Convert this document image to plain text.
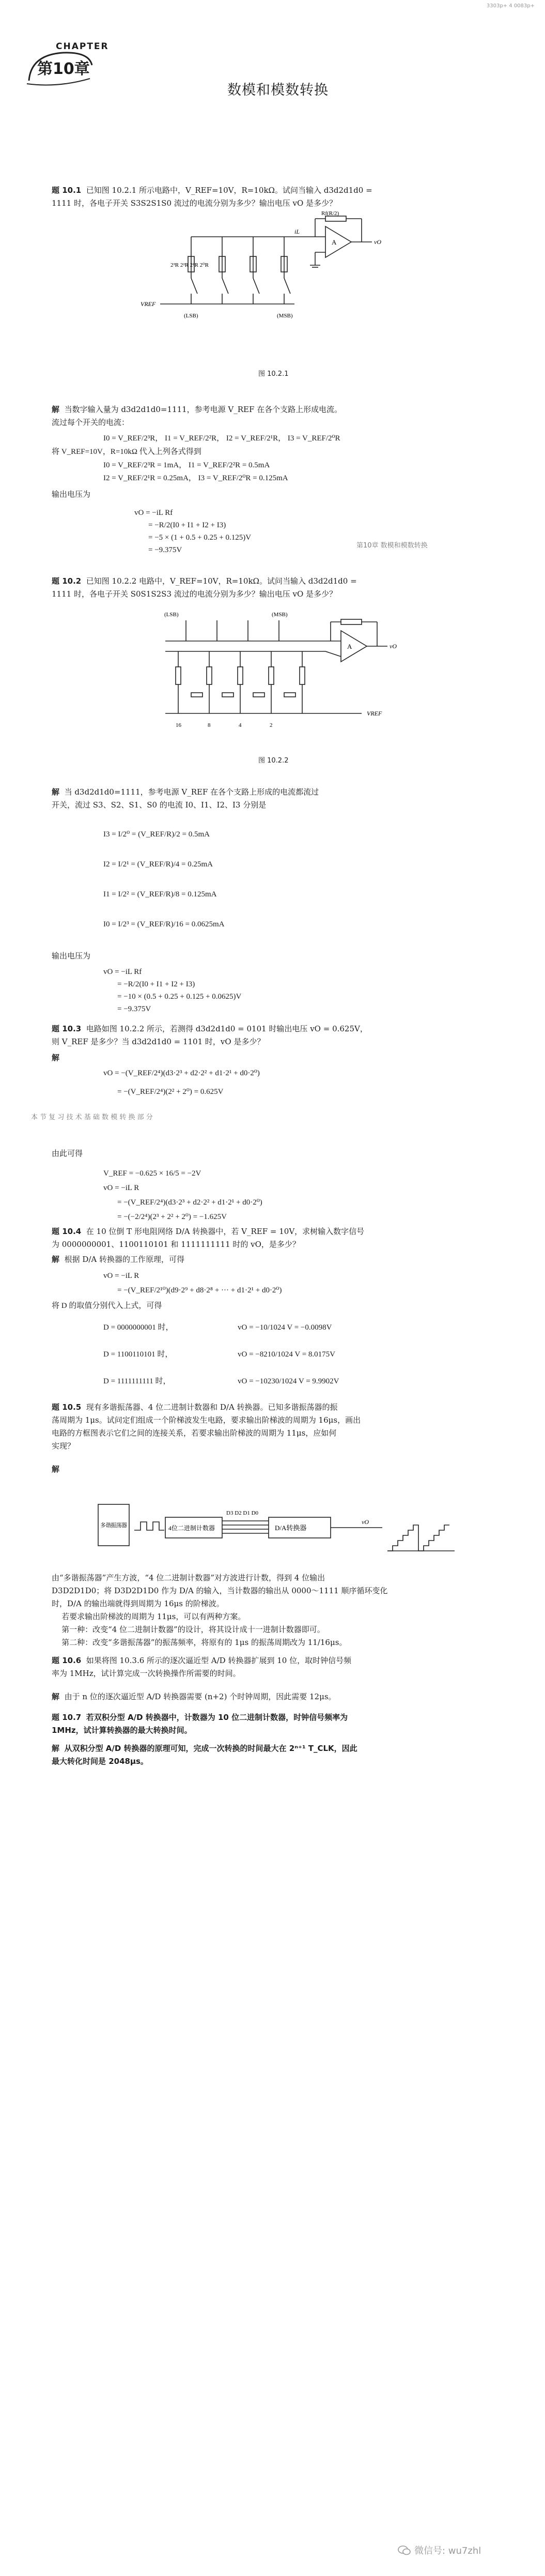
3303p+ 4 0083p+
CHAPTER
第10章
数模和模数转换
题 10.1 已知图 10.2.1 所示电路中，V_REF=10V，R=10kΩ。试问当输入 d3d2d1d0 =
1111 时，各电子开关 S3S2S1S0 流过的电流分别为多少？输出电压 vO 是多少？
Rf(R/2)
iL
A	vO
2³R 2²R 2¹R 2⁰R
VREF
(LSB)	(MSB)
图 10.2.1
解 当数字输入量为 d3d2d1d0=1111，参考电源 V_REF 在各个支路上形成电流。
流过每个开关的电流：
I0 = V_REF/2³R， I1 = V_REF/2²R， I2 = V_REF/2¹R， I3 = V_REF/2⁰R
将 V_REF=10V，R=10kΩ 代入上列各式得到
I0 = V_REF/2³R = 1mA， I1 = V_REF/2²R = 0.5mA
I2 = V_REF/2¹R = 0.25mA， I3 = V_REF/2⁰R = 0.125mA
输出电压为
vO = −iL Rf
= −R/2(I0 + I1 + I2 + I3)
= −5 × (1 + 0.5 + 0.25 + 0.125)V
= −9.375V
第10章 数模和模数转换
题 10.2 已知图 10.2.2 电路中，V_REF=10V，R=10kΩ。试问当输入 d3d2d1d0 =
1111 时，各电子开关 S0S1S2S3 流过的电流分别为多少？输出电压 vO 是多少？
(LSB)	(MSB)
A	vO
VREF
16	8	4	2
图 10.2.2
解 当 d3d2d1d0=1111，参考电源 V_REF 在各个支路上形成的电流都流过
开关，流过 S3、S2、S1、S0 的电流 I0、I1、I2、I3 分别是
I3 = I/2⁰ = (V_REF/R)/2 = 0.5mA
I2 = I/2¹ = (V_REF/R)/4 = 0.25mA
I1 = I/2² = (V_REF/R)/8 = 0.125mA
I0 = I/2³ = (V_REF/R)/16 = 0.0625mA
输出电压为
vO = −iL Rf
= −R/2(I0 + I1 + I2 + I3)
= −10 × (0.5 + 0.25 + 0.125 + 0.0625)V
= −9.375V
题 10.3 电路如图 10.2.2 所示，若测得 d3d2d1d0 = 0101 时输出电压 vO = 0.625V，
则 V_REF 是多少？当 d3d2d1d0 = 1101 时，vO 是多少？
解
vO = −(V_REF/2⁴)(d3·2³ + d2·2² + d1·2¹ + d0·2⁰)
= −(V_REF/2⁴)(2² + 2⁰) = 0.625V
本 节 复 习 技 术 基 础 数 模 转 换 部 分
由此可得
V_REF = −0.625 × 16/5 = −2V
vO = −iL R
= −(V_REF/2⁴)(d3·2³ + d2·2² + d1·2¹ + d0·2⁰)
= −(−2/2⁴)(2³ + 2² + 2⁰) = −1.625V
题 10.4 在 10 位倒 T 形电阻网络 D/A 转换器中，若 V_REF = 10V，求树输入数字信号
为 0000000001、1100110101 和 1111111111 时的 vO，是多少？
解 根据 D/A 转换器的工作原理，可得
vO = −iL R
= −(V_REF/2¹⁰)(d9·2⁹ + d8·2⁸ + ··· + d1·2¹ + d0·2⁰)
将 D 的取值分别代入上式，可得
D = 0000000001 时，	vO = −10/1024 V = −0.0098V
D = 1100110101 时，	vO = −8210/1024 V = 8.0175V
D = 1111111111 时，	vO = −10230/1024 V = 9.9902V
题 10.5 现有多谐振荡器、4 位二进制计数器和 D/A 转换器。已知多谐振荡器的振
荡周期为 1μs。试问定们组成一个阶梯波发生电路，要求输出阶梯波的周期为 16μs，画出
电路的方框图表示它们之间的连接关系，若要求输出阶梯波的周期为 11μs，应如何
实现？
解
多谐振荡器	4位二进制计数器	D/A转换器
D3 D2 D1 D0
vO
由“多谐振荡器”产生方波，“4 位二进制计数器”对方波进行计数，得到 4 位输出
D3D2D1D0；将 D3D2D1D0 作为 D/A 的输入，当计数器的输出从 0000～1111 顺序循环变化
时，D/A 的输出端就得到周期为 16μs 的阶梯波。
若要求输出阶梯波的周期为 11μs，可以有两种方案。
第一种：改变“4 位二进制计数器”的设计，将其设计成十一进制计数器即可。
第二种：改变“多谐振荡器”的振荡频率，将原有的 1μs 的振荡周期改为 11/16μs。
题 10.6 如果将图 10.3.6 所示的逐次逼近型 A/D 转换器扩展到 10 位，取时钟信号频
率为 1MHz，试计算完成一次转换操作所需要的时间。
解 由于 n 位的逐次逼近型 A/D 转换器需要 (n+2) 个时钟周期，因此需要 12μs。
题 10.7 若双积分型 A/D 转换器中，计数器为 10 位二进制计数器，时钟信号频率为
1MHz，试计算转换器的最大转换时间。
解 从双积分型 A/D 转换器的原理可知，完成一次转换的时间最大在 2ⁿ⁺¹ T_CLK，因此
最大转化时间是 2048μs。
微信号: wu7zhl
